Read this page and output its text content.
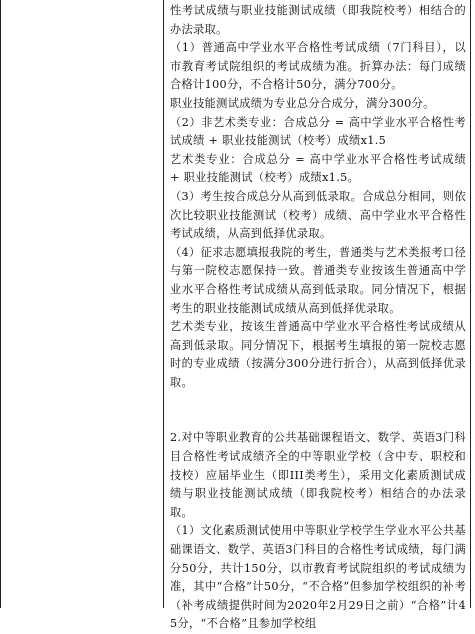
性考试成绩与职业技能测试成绩（即我院校考）相结合的办法录取。

（1）普通高中学业水平合格性考试成绩（7门科目），以市教育考试院组织的考试成绩为准。折算办法：每门成绩合格计100分，不合格计50分，满分700分。

职业技能测试成绩为专业总分合成分，满分300分。

（2）非艺术类专业：合成总分 = 高中学业水平合格性考试成绩 + 职业技能测试（校考）成绩x1.5

艺术类专业：合成总分 = 高中学业水平合格性考试成绩 + 职业技能测试（校考）成绩x1.5。

（3）考生按合成总分从高到低录取。合成总分相同，则依次比较职业技能测试（校考）成绩、高中学业水平合格性考试成绩，从高到低择优录取。

（4）征求志愿填报我院的考生，普通类与艺术类报考口径与第一院校志愿保持一致。普通类专业按该生普通高中学业水平合格性考试成绩从高到低录取。同分情况下，根据考生的职业技能测试成绩从高到低择优录取。

艺术类专业，按该生普通高中学业水平合格性考试成绩从高到低录取。同分情况下，根据考生填报的第一院校志愿时的专业成绩（按满分300分进行折合），从高到低择优录取。

2.对中等职业教育的公共基础课程语文、数学、英语3门科目合格性考试成绩齐全的中等职业学校（含中专、职校和技校）应届毕业生（即III类考生），采用文化素质测试成绩与职业技能测试成绩（即我院校考）相结合的办法录取。

（1）文化素质测试使用中等职业学校学生学业水平公共基础课语文、数学、英语3门科目的合格性考试成绩，每门满分50分，共计150分，以市教育考试院组织的考试成绩为准，其中“合格”计50分，“不合格”但参加学校组织的补考（补考成绩提供时间为2020年2月29日之前）“合格”计45分，“不合格”且参加学校组
